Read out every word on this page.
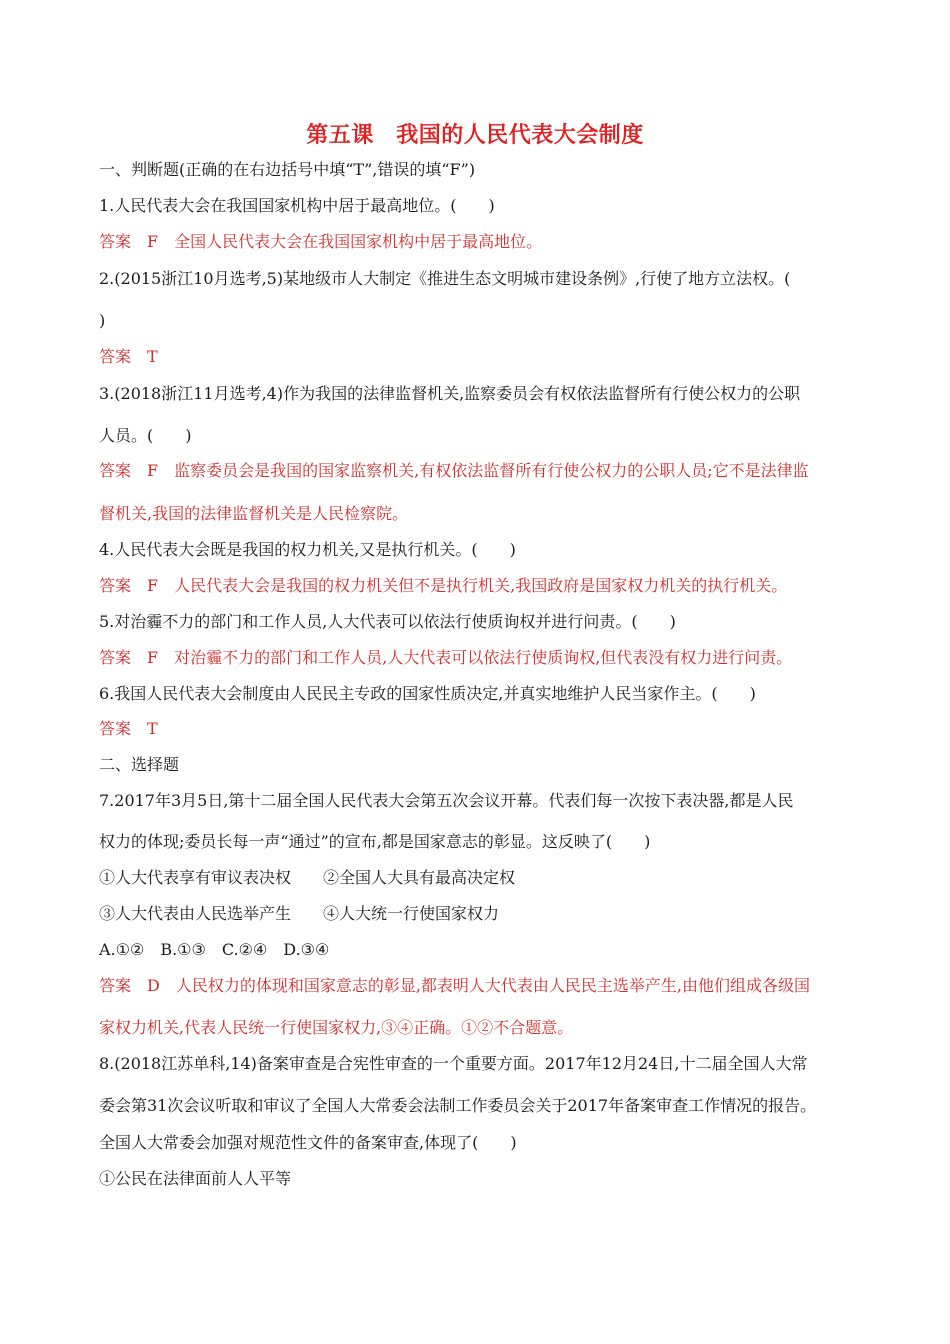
第五课　我国的人民代表大会制度
一、判断题(正确的在右边括号中填“T”,错误的填“F”)
1.人民代表大会在我国国家机构中居于最高地位。(　　)
答案　F　全国人民代表大会在我国国家机构中居于最高地位。
2.(2015浙江10月选考,5)某地级市人大制定《推进生态文明城市建设条例》,行使了地方立法权。(
)
答案　T
3.(2018浙江11月选考,4)作为我国的法律监督机关,监察委员会有权依法监督所有行使公权力的公职
人员。(　　)
答案　F　监察委员会是我国的国家监察机关,有权依法监督所有行使公权力的公职人员;它不是法律监
督机关,我国的法律监督机关是人民检察院。
4.人民代表大会既是我国的权力机关,又是执行机关。(　　)
答案　F　人民代表大会是我国的权力机关但不是执行机关,我国政府是国家权力机关的执行机关。
5.对治霾不力的部门和工作人员,人大代表可以依法行使质询权并进行问责。(　　)
答案　F　对治霾不力的部门和工作人员,人大代表可以依法行使质询权,但代表没有权力进行问责。
6.我国人民代表大会制度由人民民主专政的国家性质决定,并真实地维护人民当家作主。(　　)
答案　T
二、选择题
7.2017年3月5日,第十二届全国人民代表大会第五次会议开幕。代表们每一次按下表决器,都是人民
权力的体现;委员长每一声“通过”的宣布,都是国家意志的彰显。这反映了(　　)
①人大代表享有审议表决权　　②全国人大具有最高决定权
③人大代表由人民选举产生　　④人大统一行使国家权力
A.①②　B.①③　C.②④　D.③④
答案　D　人民权力的体现和国家意志的彰显,都表明人大代表由人民民主选举产生,由他们组成各级国
家权力机关,代表人民统一行使国家权力,③④正确。①②不合题意。
8.(2018江苏单科,14)备案审查是合宪性审查的一个重要方面。2017年12月24日,十二届全国人大常
委会第31次会议听取和审议了全国人大常委会法制工作委员会关于2017年备案审查工作情况的报告。
全国人大常委会加强对规范性文件的备案审查,体现了(　　)
①公民在法律面前人人平等
